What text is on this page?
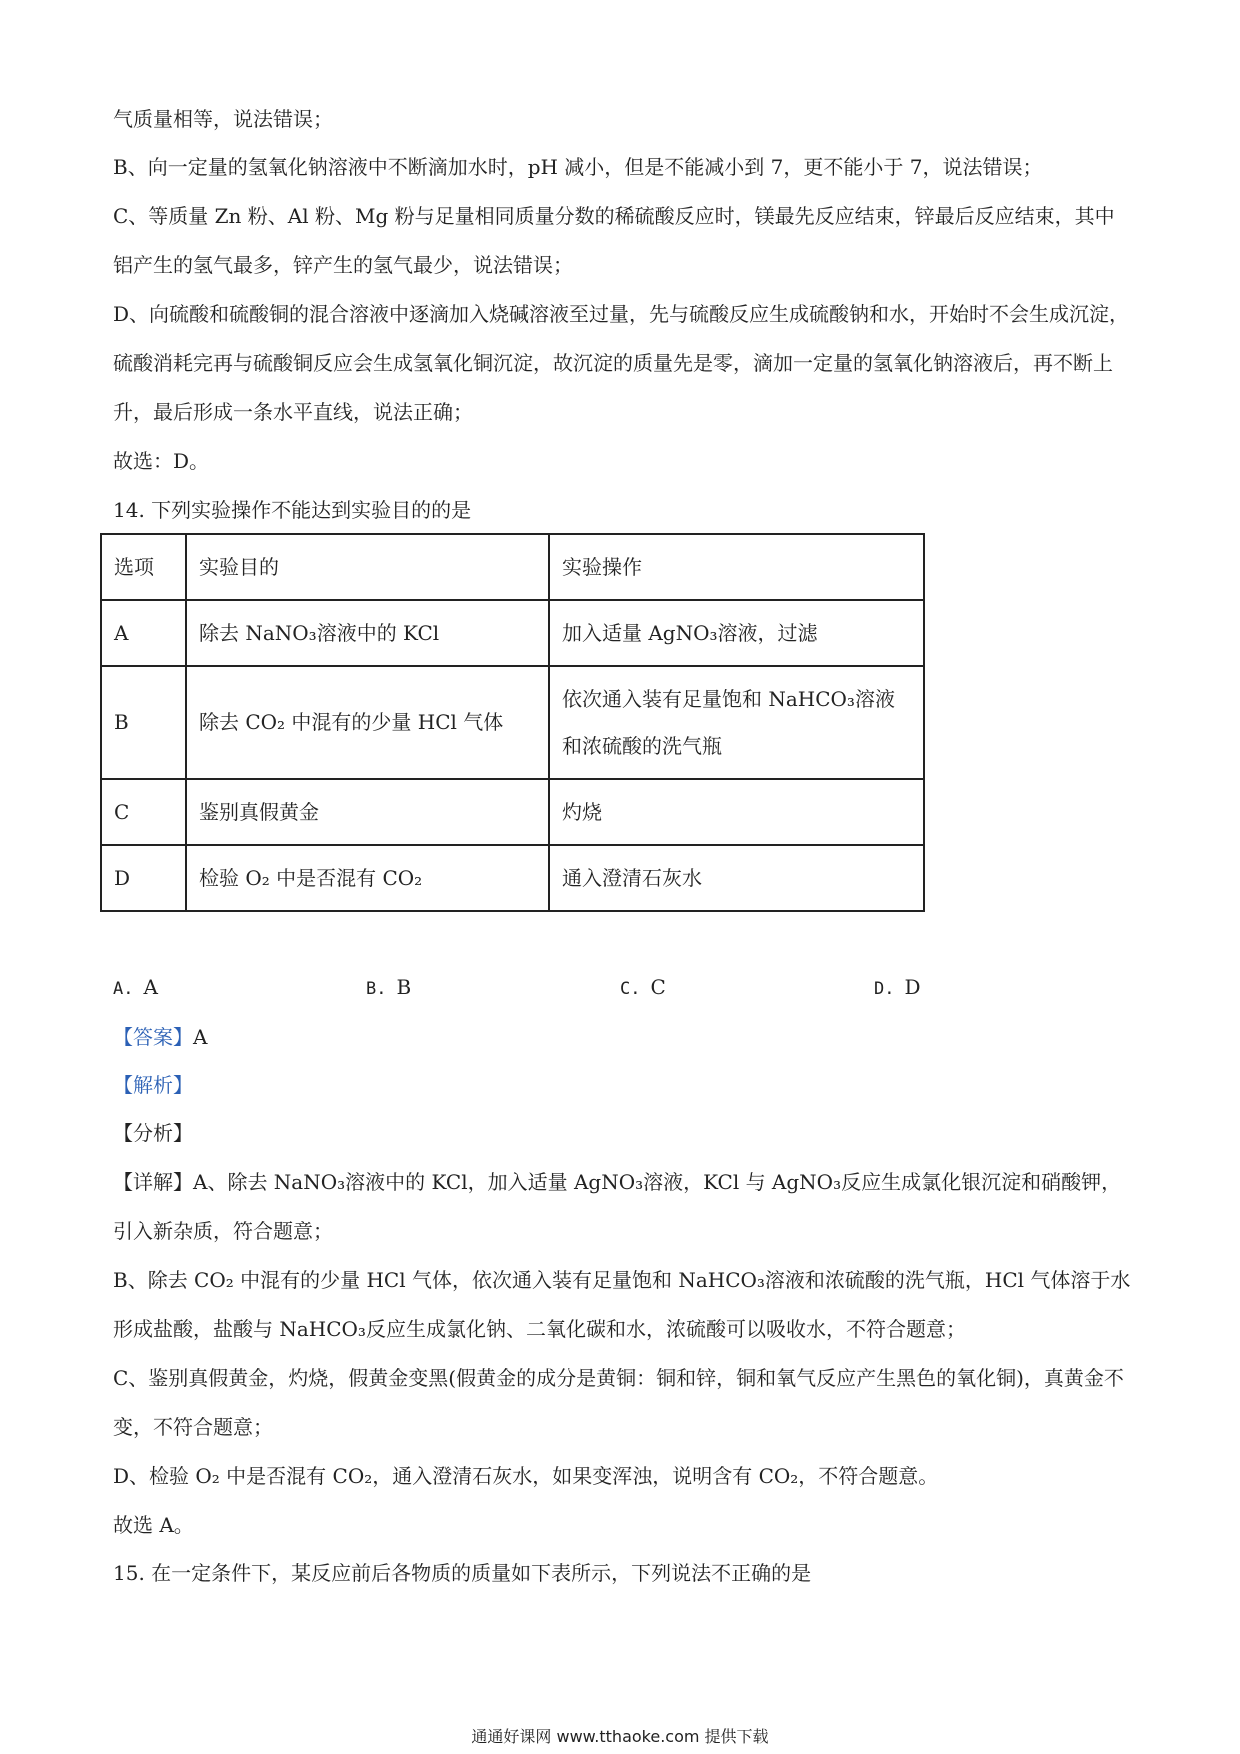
气质量相等，说法错误；

B、向一定量的氢氧化钠溶液中不断滴加水时，pH 减小，但是不能减小到 7，更不能小于 7，说法错误；

C、等质量 Zn 粉、Al 粉、Mg 粉与足量相同质量分数的稀硫酸反应时，镁最先反应结束，锌最后反应结束，其中铝产生的氢气最多，锌产生的氢气最少，说法错误；

D、向硫酸和硫酸铜的混合溶液中逐滴加入烧碱溶液至过量，先与硫酸反应生成硫酸钠和水，开始时不会生成沉淀，硫酸消耗完再与硫酸铜反应会生成氢氧化铜沉淀，故沉淀的质量先是零，滴加一定量的氢氧化钠溶液后，再不断上升，最后形成一条水平直线，说法正确；

故选：D。

14. 下列实验操作不能达到实验目的的是
选项	实验目的	实验操作
A	除去 NaNO₃溶液中的 KCl	加入适量 AgNO₃溶液，过滤
B	除去 CO₂ 中混有的少量 HCl 气体	依次通入装有足量饱和 NaHCO₃溶液和浓硫酸的洗气瓶
C	鉴别真假黄金	灼烧
D	检验 O₂ 中是否混有 CO₂	通入澄清石灰水
A. A	B. B	C. C	D. D
【答案】A
【解析】
【分析】

【详解】A、除去 NaNO₃溶液中的 KCl，加入适量 AgNO₃溶液，KCl 与 AgNO₃反应生成氯化银沉淀和硝酸钾，引入新杂质，符合题意；

B、除去 CO₂ 中混有的少量 HCl 气体，依次通入装有足量饱和 NaHCO₃溶液和浓硫酸的洗气瓶，HCl 气体溶于水形成盐酸，盐酸与 NaHCO₃反应生成氯化钠、二氧化碳和水，浓硫酸可以吸收水，不符合题意；

C、鉴别真假黄金，灼烧，假黄金变黑(假黄金的成分是黄铜：铜和锌，铜和氧气反应产生黑色的氧化铜)，真黄金不变，不符合题意；

D、检验 O₂ 中是否混有 CO₂，通入澄清石灰水，如果变浑浊，说明含有 CO₂，不符合题意。

故选 A。

15. 在一定条件下，某反应前后各物质的质量如下表所示，下列说法不正确的是
通通好课网 www.tthaoke.com 提供下载
